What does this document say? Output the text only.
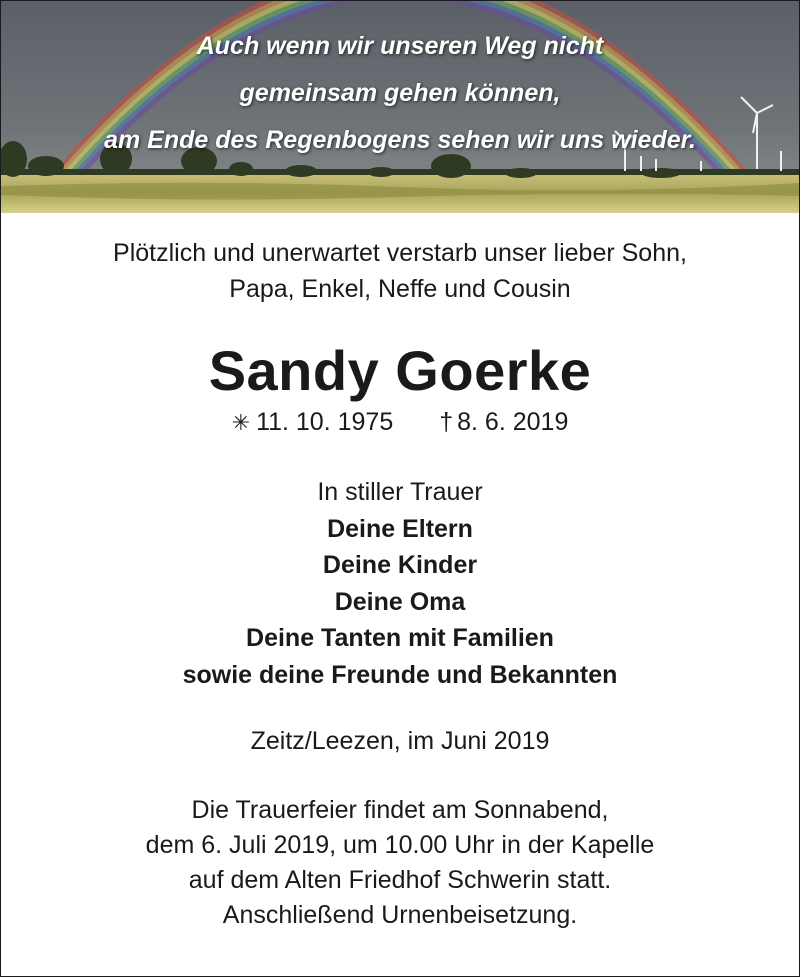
Auch wenn wir unseren Weg nicht
gemeinsam gehen können,
am Ende des Regenbogens sehen wir uns wieder.
Plötzlich und unerwartet verstarb unser lieber Sohn,
Papa, Enkel, Neffe und Cousin
Sandy Goerke
✳ 11. 10. 1975 † 8. 6. 2019
In stiller Trauer
Deine Eltern
Deine Kinder
Deine Oma
Deine Tanten mit Familien
sowie deine Freunde und Bekannten
Zeitz/Leezen, im Juni 2019
Die Trauerfeier findet am Sonnabend,
dem 6. Juli 2019, um 10.00 Uhr in der Kapelle
auf dem Alten Friedhof Schwerin statt.
Anschließend Urnenbeisetzung.
